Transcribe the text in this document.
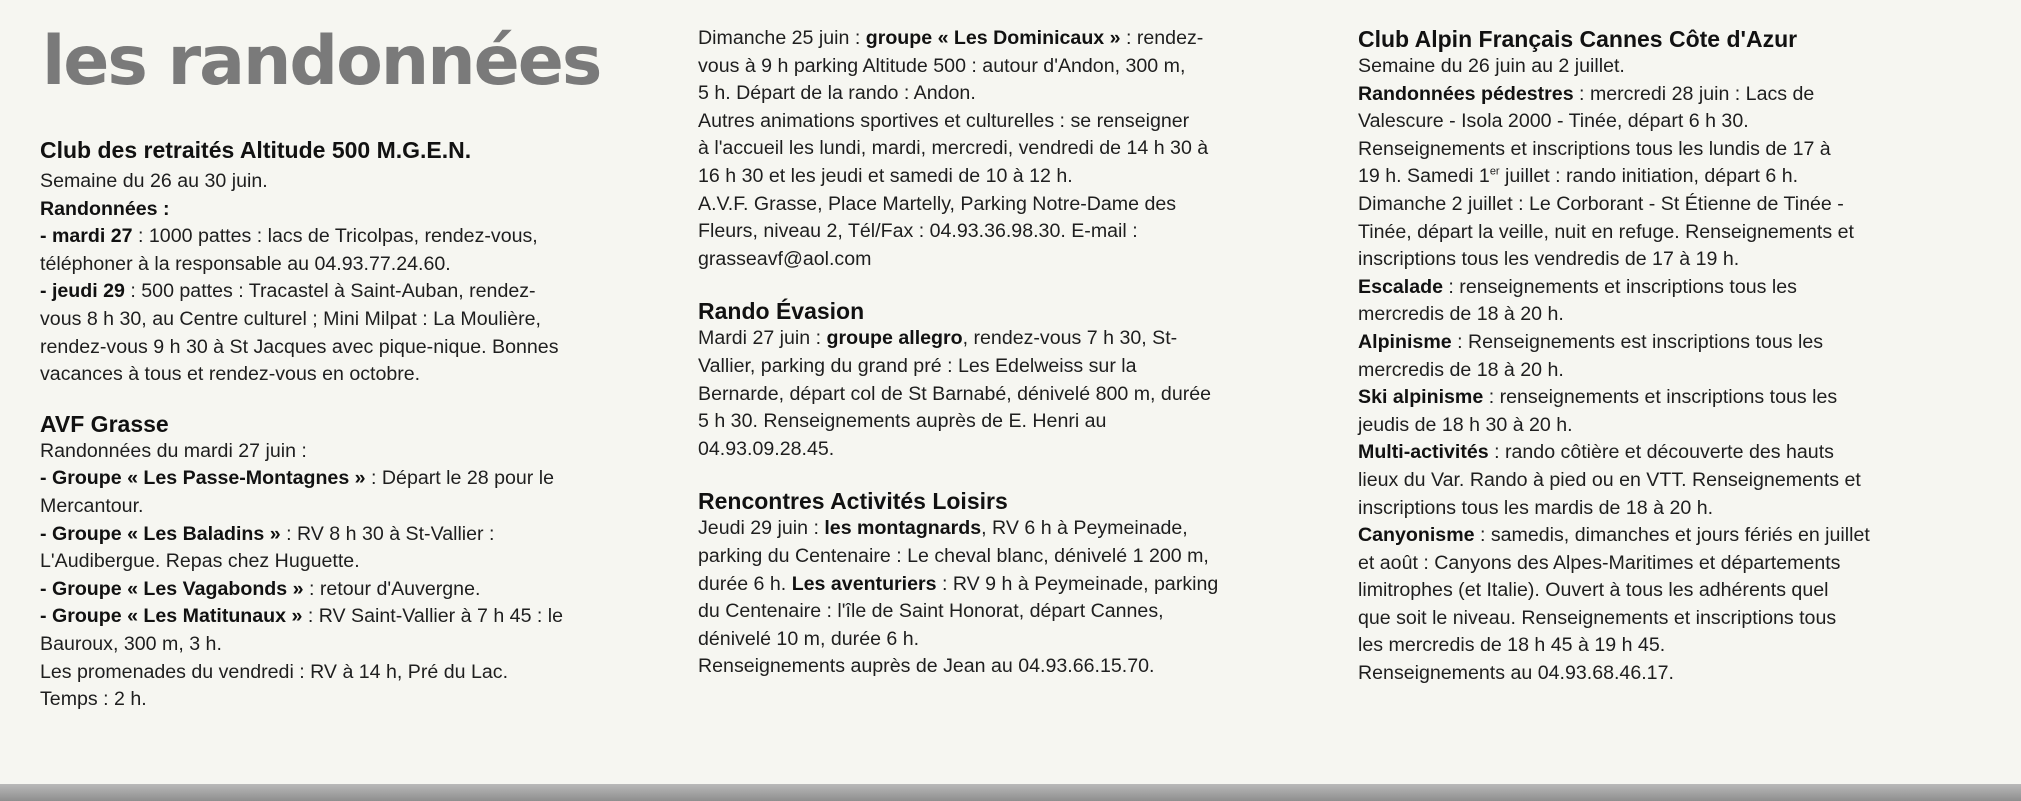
les randonnées
Club des retraités Altitude 500 M.G.E.N.

Semaine du 26 au 30 juin.

Randonnées :

- mardi 27 : 1000 pattes : lacs de Tricolpas, rendez-vous,

téléphoner à la responsable au 04.93.77.24.60.

- jeudi 29 : 500 pattes : Tracastel à Saint-Auban, rendez-

vous 8 h 30, au Centre culturel ; Mini Milpat : La Moulière,

rendez-vous 9 h 30 à St Jacques avec pique-nique. Bonnes

vacances à tous et rendez-vous en octobre.

AVF Grasse

Randonnées du mardi 27 juin :

- Groupe « Les Passe-Montagnes » : Départ le 28 pour le

Mercantour.

- Groupe « Les Baladins » : RV 8 h 30 à St-Vallier :

L'Audibergue. Repas chez Huguette.

- Groupe « Les Vagabonds » : retour d'Auvergne.

- Groupe « Les Matitunaux » : RV Saint-Vallier à 7 h 45 : le

Bauroux, 300 m, 3 h.

Les promenades du vendredi : RV à 14 h, Pré du Lac.

Temps : 2 h.

Dimanche 25 juin : groupe « Les Dominicaux » : rendez-

vous à 9 h parking Altitude 500 : autour d'Andon, 300 m,

5 h. Départ de la rando : Andon.

Autres animations sportives et culturelles : se renseigner

à l'accueil les lundi, mardi, mercredi, vendredi de 14 h 30 à

16 h 30 et les jeudi et samedi de 10 à 12 h.

A.V.F. Grasse, Place Martelly, Parking Notre-Dame des

Fleurs, niveau 2, Tél/Fax : 04.93.36.98.30. E-mail :

grasseavf@aol.com

Rando Évasion

Mardi 27 juin : groupe allegro, rendez-vous 7 h 30, St-

Vallier, parking du grand pré : Les Edelweiss sur la

Bernarde, départ col de St Barnabé, dénivelé 800 m, durée

5 h 30. Renseignements auprès de E. Henri au

04.93.09.28.45.

Rencontres Activités Loisirs

Jeudi 29 juin : les montagnards, RV 6 h à Peymeinade,

parking du Centenaire : Le cheval blanc, dénivelé 1 200 m,

durée 6 h. Les aventuriers : RV 9 h à Peymeinade, parking

du Centenaire : l'île de Saint Honorat, départ Cannes,

dénivelé 10 m, durée 6 h.

Renseignements auprès de Jean au 04.93.66.15.70.

Club Alpin Français Cannes Côte d'Azur

Semaine du 26 juin au 2 juillet.

Randonnées pédestres : mercredi 28 juin : Lacs de

Valescure - Isola 2000 - Tinée, départ 6 h 30.

Renseignements et inscriptions tous les lundis de 17 à

19 h. Samedi 1er juillet : rando initiation, départ 6 h.

Dimanche 2 juillet : Le Corborant - St Étienne de Tinée -

Tinée, départ la veille, nuit en refuge. Renseignements et

inscriptions tous les vendredis de 17 à 19 h.

Escalade : renseignements et inscriptions tous les

mercredis de 18 à 20 h.

Alpinisme : Renseignements est inscriptions tous les

mercredis de 18 à 20 h.

Ski alpinisme : renseignements et inscriptions tous les

jeudis de 18 h 30 à 20 h.

Multi-activités : rando côtière et découverte des hauts

lieux du Var. Rando à pied ou en VTT. Renseignements et

inscriptions tous les mardis de 18 à 20 h.

Canyonisme : samedis, dimanches et jours fériés en juillet

et août : Canyons des Alpes-Maritimes et départements

limitrophes (et Italie). Ouvert à tous les adhérents quel

que soit le niveau. Renseignements et inscriptions tous

les mercredis de 18 h 45 à 19 h 45.

Renseignements au 04.93.68.46.17.
